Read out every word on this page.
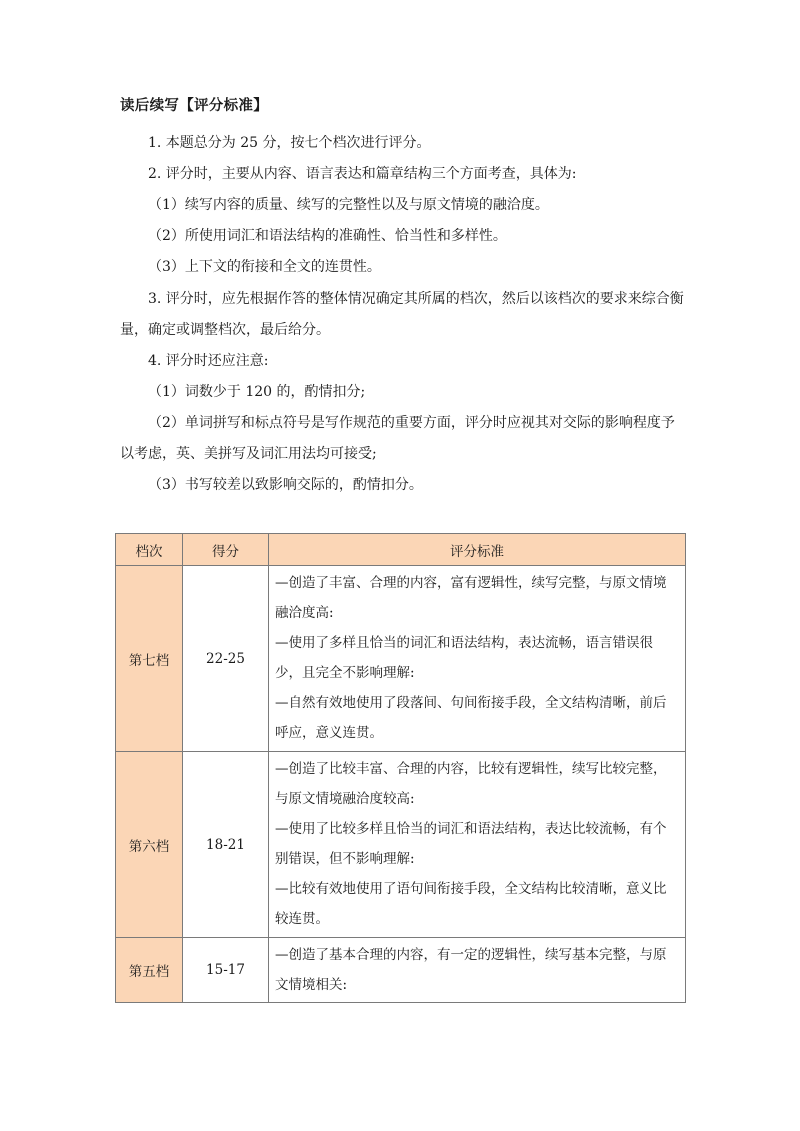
读后续写【评分标准】
1. 本题总分为 25 分，按七个档次进行评分。
2. 评分时，主要从内容、语言表达和篇章结构三个方面考查，具体为:
（1）续写内容的质量、续写的完整性以及与原文情境的融洽度。
（2）所使用词汇和语法结构的准确性、恰当性和多样性。
（3）上下文的衔接和全文的连贯性。
3. 评分时，应先根据作答的整体情况确定其所属的档次，然后以该档次的要求来综合衡量，确定或调整档次，最后给分。
4. 评分时还应注意:
（1）词数少于 120 的，酌情扣分;
（2）单词拼写和标点符号是写作规范的重要方面，评分时应视其对交际的影响程度予以考虑，英、美拼写及词汇用法均可接受;
（3）书写较差以致影响交际的，酌情扣分。
档次	得分	评分标准
第七档	22-25	—创造了丰富、合理的内容，富有逻辑性，续写完整，与原文情境融洽度高:
—使用了多样且恰当的词汇和语法结构，表达流畅，语言错误很少，且完全不影响理解:
—自然有效地使用了段落间、句间衔接手段，全文结构清晰，前后呼应，意义连贯。

第六档	18-21	—创造了比较丰富、合理的内容，比较有逻辑性，续写比较完整，与原文情境融洽度较高:
—使用了比较多样且恰当的词汇和语法结构，表达比较流畅，有个别错误，但不影响理解:
—比较有效地使用了语句间衔接手段，全文结构比较清晰，意义比较连贯。

第五档	15-17	—创造了基本合理的内容，有一定的逻辑性，续写基本完整，与原文情境相关:
